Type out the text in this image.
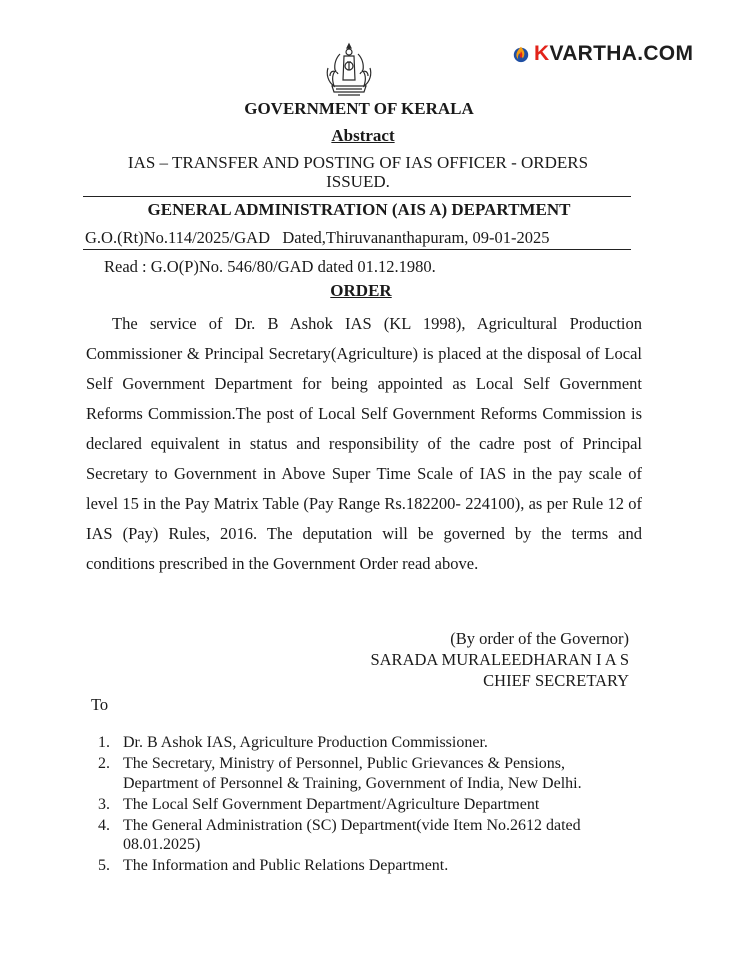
KVARTHA.COM
GOVERNMENT OF KERALA
Abstract
IAS – TRANSFER AND POSTING OF IAS OFFICER - ORDERS
ISSUED.
GENERAL ADMINISTRATION (AIS A) DEPARTMENT
G.O.(Rt)No.114/2025/GAD Dated,Thiruvananthapuram, 09-01-2025
Read : G.O(P)No. 546/80/GAD dated 01.12.1980.
ORDER
The service of Dr. B Ashok IAS (KL 1998), Agricultural Production Commissioner & Principal Secretary(Agriculture) is placed at the disposal of Local Self Government Department for being appointed as Local Self Government Reforms Commission.The post of Local Self Government Reforms Commission is declared equivalent in status and responsibility of the cadre post of Principal Secretary to Government in Above Super Time Scale of IAS in the pay scale of level 15 in the Pay Matrix Table (Pay Range Rs.182200- 224100), as per Rule 12 of IAS (Pay) Rules, 2016. The deputation will be governed by the terms and conditions prescribed in the Government Order read above.
(By order of the Governor)
SARADA MURALEEDHARAN I A S
CHIEF SECRETARY
To
1. Dr. B Ashok IAS, Agriculture Production Commissioner.
2. The Secretary, Ministry of Personnel, Public Grievances & Pensions,
Department of Personnel & Training, Government of India, New Delhi.
3. The Local Self Government Department/Agriculture Department
4. The General Administration (SC) Department(vide Item No.2612 dated
08.01.2025)
5. The Information and Public Relations Department.
